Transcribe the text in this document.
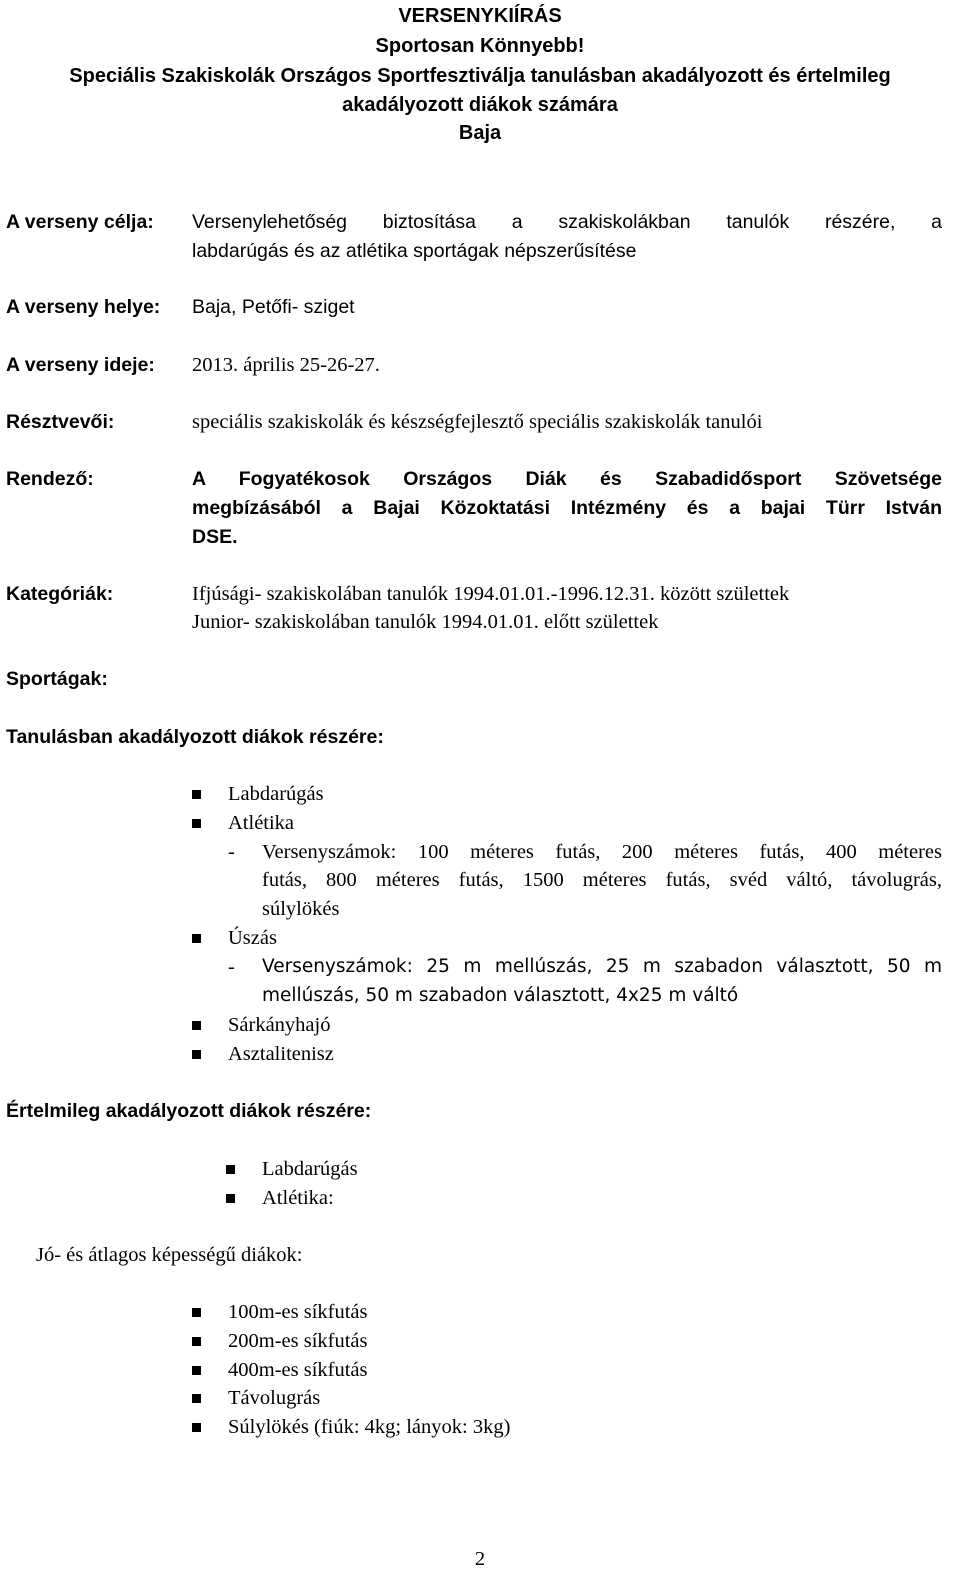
VERSENYKIÍRÁS

Sportosan Könnyebb!

Speciális Szakiskolák Országos Sportfesztiválja tanulásban akadályozott és értelmileg

akadályozott diákok számára

Baja

A verseny célja: Versenylehetőség biztosítása a szakiskolákban tanulók részére, a

labdarúgás és az atlétika sportágak népszerűsítése

A verseny helye: Baja, Petőfi- sziget

A verseny ideje: 2013. április 25-26-27.

Résztvevői:	speciális szakiskolák és készségfejlesztő speciális szakiskolák tanulói

Rendező:	A Fogyatékosok Országos Diák és Szabadidősport Szövetsége

megbízásából a Bajai Közoktatási Intézmény és a bajai Türr István

DSE.

Kategóriák:	Ifjúsági- szakiskolában tanulók 1994.01.01.-1996.12.31. között születtek

Junior- szakiskolában tanulók 1994.01.01. előtt születtek

Sportágak:

Tanulásban akadályozott diákok részére:

Labdarúgás

Atlétika

- Versenyszámok: 100 méteres futás, 200 méteres futás, 400 méteres

futás, 800 méteres futás, 1500 méteres futás, svéd váltó, távolugrás,

súlylökés

Úszás

- Versenyszámok: 25 m mellúszás, 25 m szabadon választott, 50 m

mellúszás, 50 m szabadon választott, 4x25 m váltó

Sárkányhajó

Asztalitenisz

Értelmileg akadályozott diákok részére:

Labdarúgás

Atlétika:

Jó- és átlagos képességű diákok:

100m-es síkfutás

200m-es síkfutás

400m-es síkfutás

Távolugrás

Súlylökés (fiúk: 4kg; lányok: 3kg)

2
